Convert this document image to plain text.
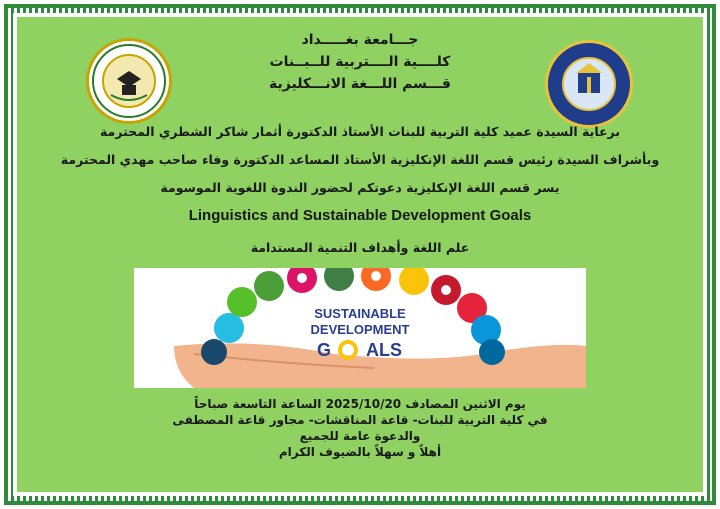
جـــامعة بغـــــداد
كلــــية الــــتربية للــبــنات
قـــسم اللـــغة الانـــكليزية
برعاية السيدة عميد كلية التربية للبنات الأستاذ الدكتورة أثمار شاكر الشطري المحترمة
وبأشراف السيدة رئيس قسم اللغة الإنكليزية الأستاذ المساعد الدكتورة وفاء صاحب مهدي المحترمة
يسر قسم اللغة الإنكليزية دعوتكم لحضور الندوة اللغوية الموسومة
Linguistics and Sustainable Development Goals
علم اللغة وأهداف التنمية المستدامة
SUSTAINABLE
DEVELOPMENT
G ALS
يوم الاثنين المصادف 2025/10/20 الساعة التاسعة صباحاً
في كلية التربية للبنات- قاعة المناقشات- مجاور قاعة المصطفى
والدعوة عامة للجميع
أهلاً و سهلاً بالضيوف الكرام
